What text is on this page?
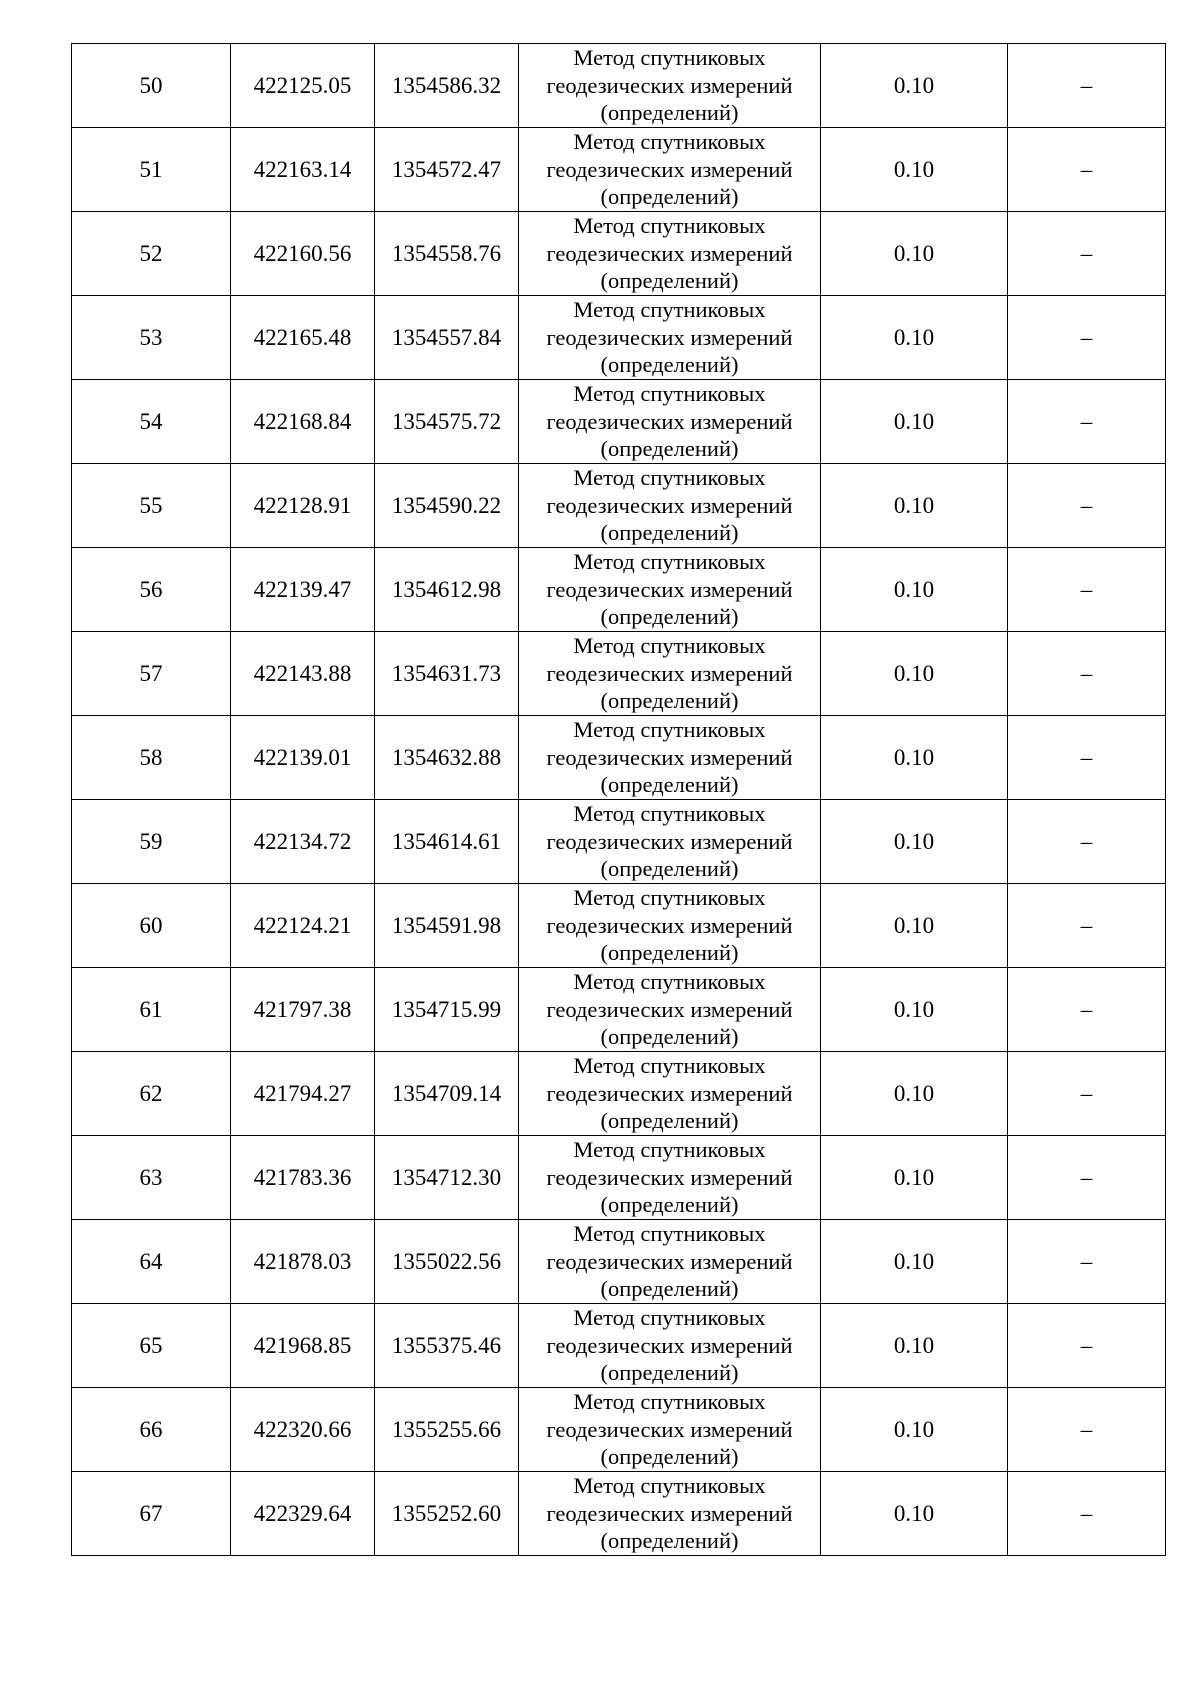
50	422125.05	1354586.32	Метод спутниковых
геодезических измерений
(определений)	0.10	–
51	422163.14	1354572.47	Метод спутниковых
геодезических измерений
(определений)	0.10	–
52	422160.56	1354558.76	Метод спутниковых
геодезических измерений
(определений)	0.10	–
53	422165.48	1354557.84	Метод спутниковых
геодезических измерений
(определений)	0.10	–
54	422168.84	1354575.72	Метод спутниковых
геодезических измерений
(определений)	0.10	–
55	422128.91	1354590.22	Метод спутниковых
геодезических измерений
(определений)	0.10	–
56	422139.47	1354612.98	Метод спутниковых
геодезических измерений
(определений)	0.10	–
57	422143.88	1354631.73	Метод спутниковых
геодезических измерений
(определений)	0.10	–
58	422139.01	1354632.88	Метод спутниковых
геодезических измерений
(определений)	0.10	–
59	422134.72	1354614.61	Метод спутниковых
геодезических измерений
(определений)	0.10	–
60	422124.21	1354591.98	Метод спутниковых
геодезических измерений
(определений)	0.10	–
61	421797.38	1354715.99	Метод спутниковых
геодезических измерений
(определений)	0.10	–
62	421794.27	1354709.14	Метод спутниковых
геодезических измерений
(определений)	0.10	–
63	421783.36	1354712.30	Метод спутниковых
геодезических измерений
(определений)	0.10	–
64	421878.03	1355022.56	Метод спутниковых
геодезических измерений
(определений)	0.10	–
65	421968.85	1355375.46	Метод спутниковых
геодезических измерений
(определений)	0.10	–
66	422320.66	1355255.66	Метод спутниковых
геодезических измерений
(определений)	0.10	–
67	422329.64	1355252.60	Метод спутниковых
геодезических измерений
(определений)	0.10	–
